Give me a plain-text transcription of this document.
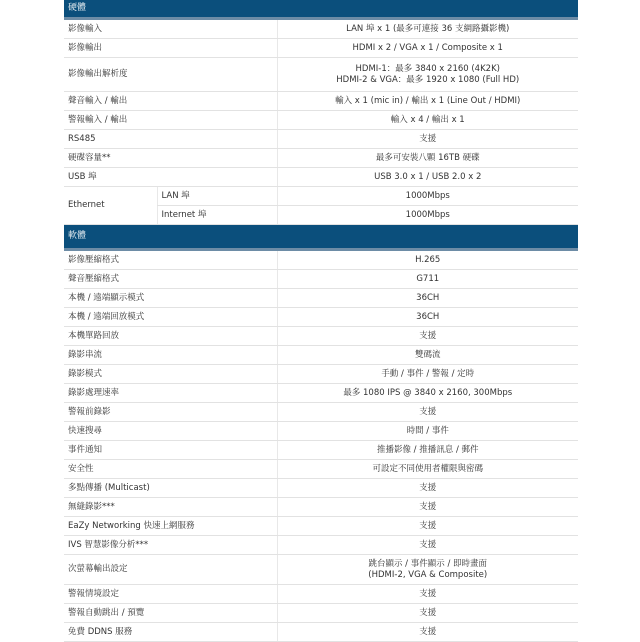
硬體		
影像輸入		LAN 埠 x 1 (最多可連接 36 支網路攝影機)
影像輸出		HDMI x 2 / VGA x 1 / Composite x 1
影像輸出解析度		HDMI-1：最多 3840 x 2160 (4K2K)
HDMI-2 & VGA：最多 1920 x 1080 (Full HD)

聲音輸入 / 輸出		輸入 x 1 (mic in) / 輸出 x 1 (Line Out / HDMI)
警報輸入 / 輸出		輸入 x 4 / 輸出 x 1
RS485		支援
硬碟容量**		最多可安裝八顆 16TB 硬碟
USB 埠		USB 3.0 x 1 / USB 2.0 x 2
Ethernet	LAN 埠	1000Mbps
	Internet 埠	1000Mbps
軟體		
影像壓縮格式		H.265
聲音壓縮格式		G711
本機 / 遠端顯示模式		36CH
本機 / 遠端回放模式		36CH
本機單路回放		支援
錄影串流		雙碼流
錄影模式		手動 / 事件 / 警報 / 定時
錄影處理速率		最多 1080 IPS @ 3840 x 2160, 300Mbps
警報前錄影		支援
快速搜尋		時間 / 事件
事件通知		推播影像 / 推播訊息 / 郵件
安全性		可設定不同使用者權限與密碼
多點傳播 (Multicast)		支援
無縫錄影***		支援
EaZy Networking 快速上網服務		支援
IVS 智慧影像分析***		支援
次螢幕輸出設定		跳台顯示 / 事件顯示 / 即時畫面
(HDMI-2, VGA & Composite)

警報情境設定		支援
警報自動跳出 / 預覽		支援
免費 DDNS 服務		支援
